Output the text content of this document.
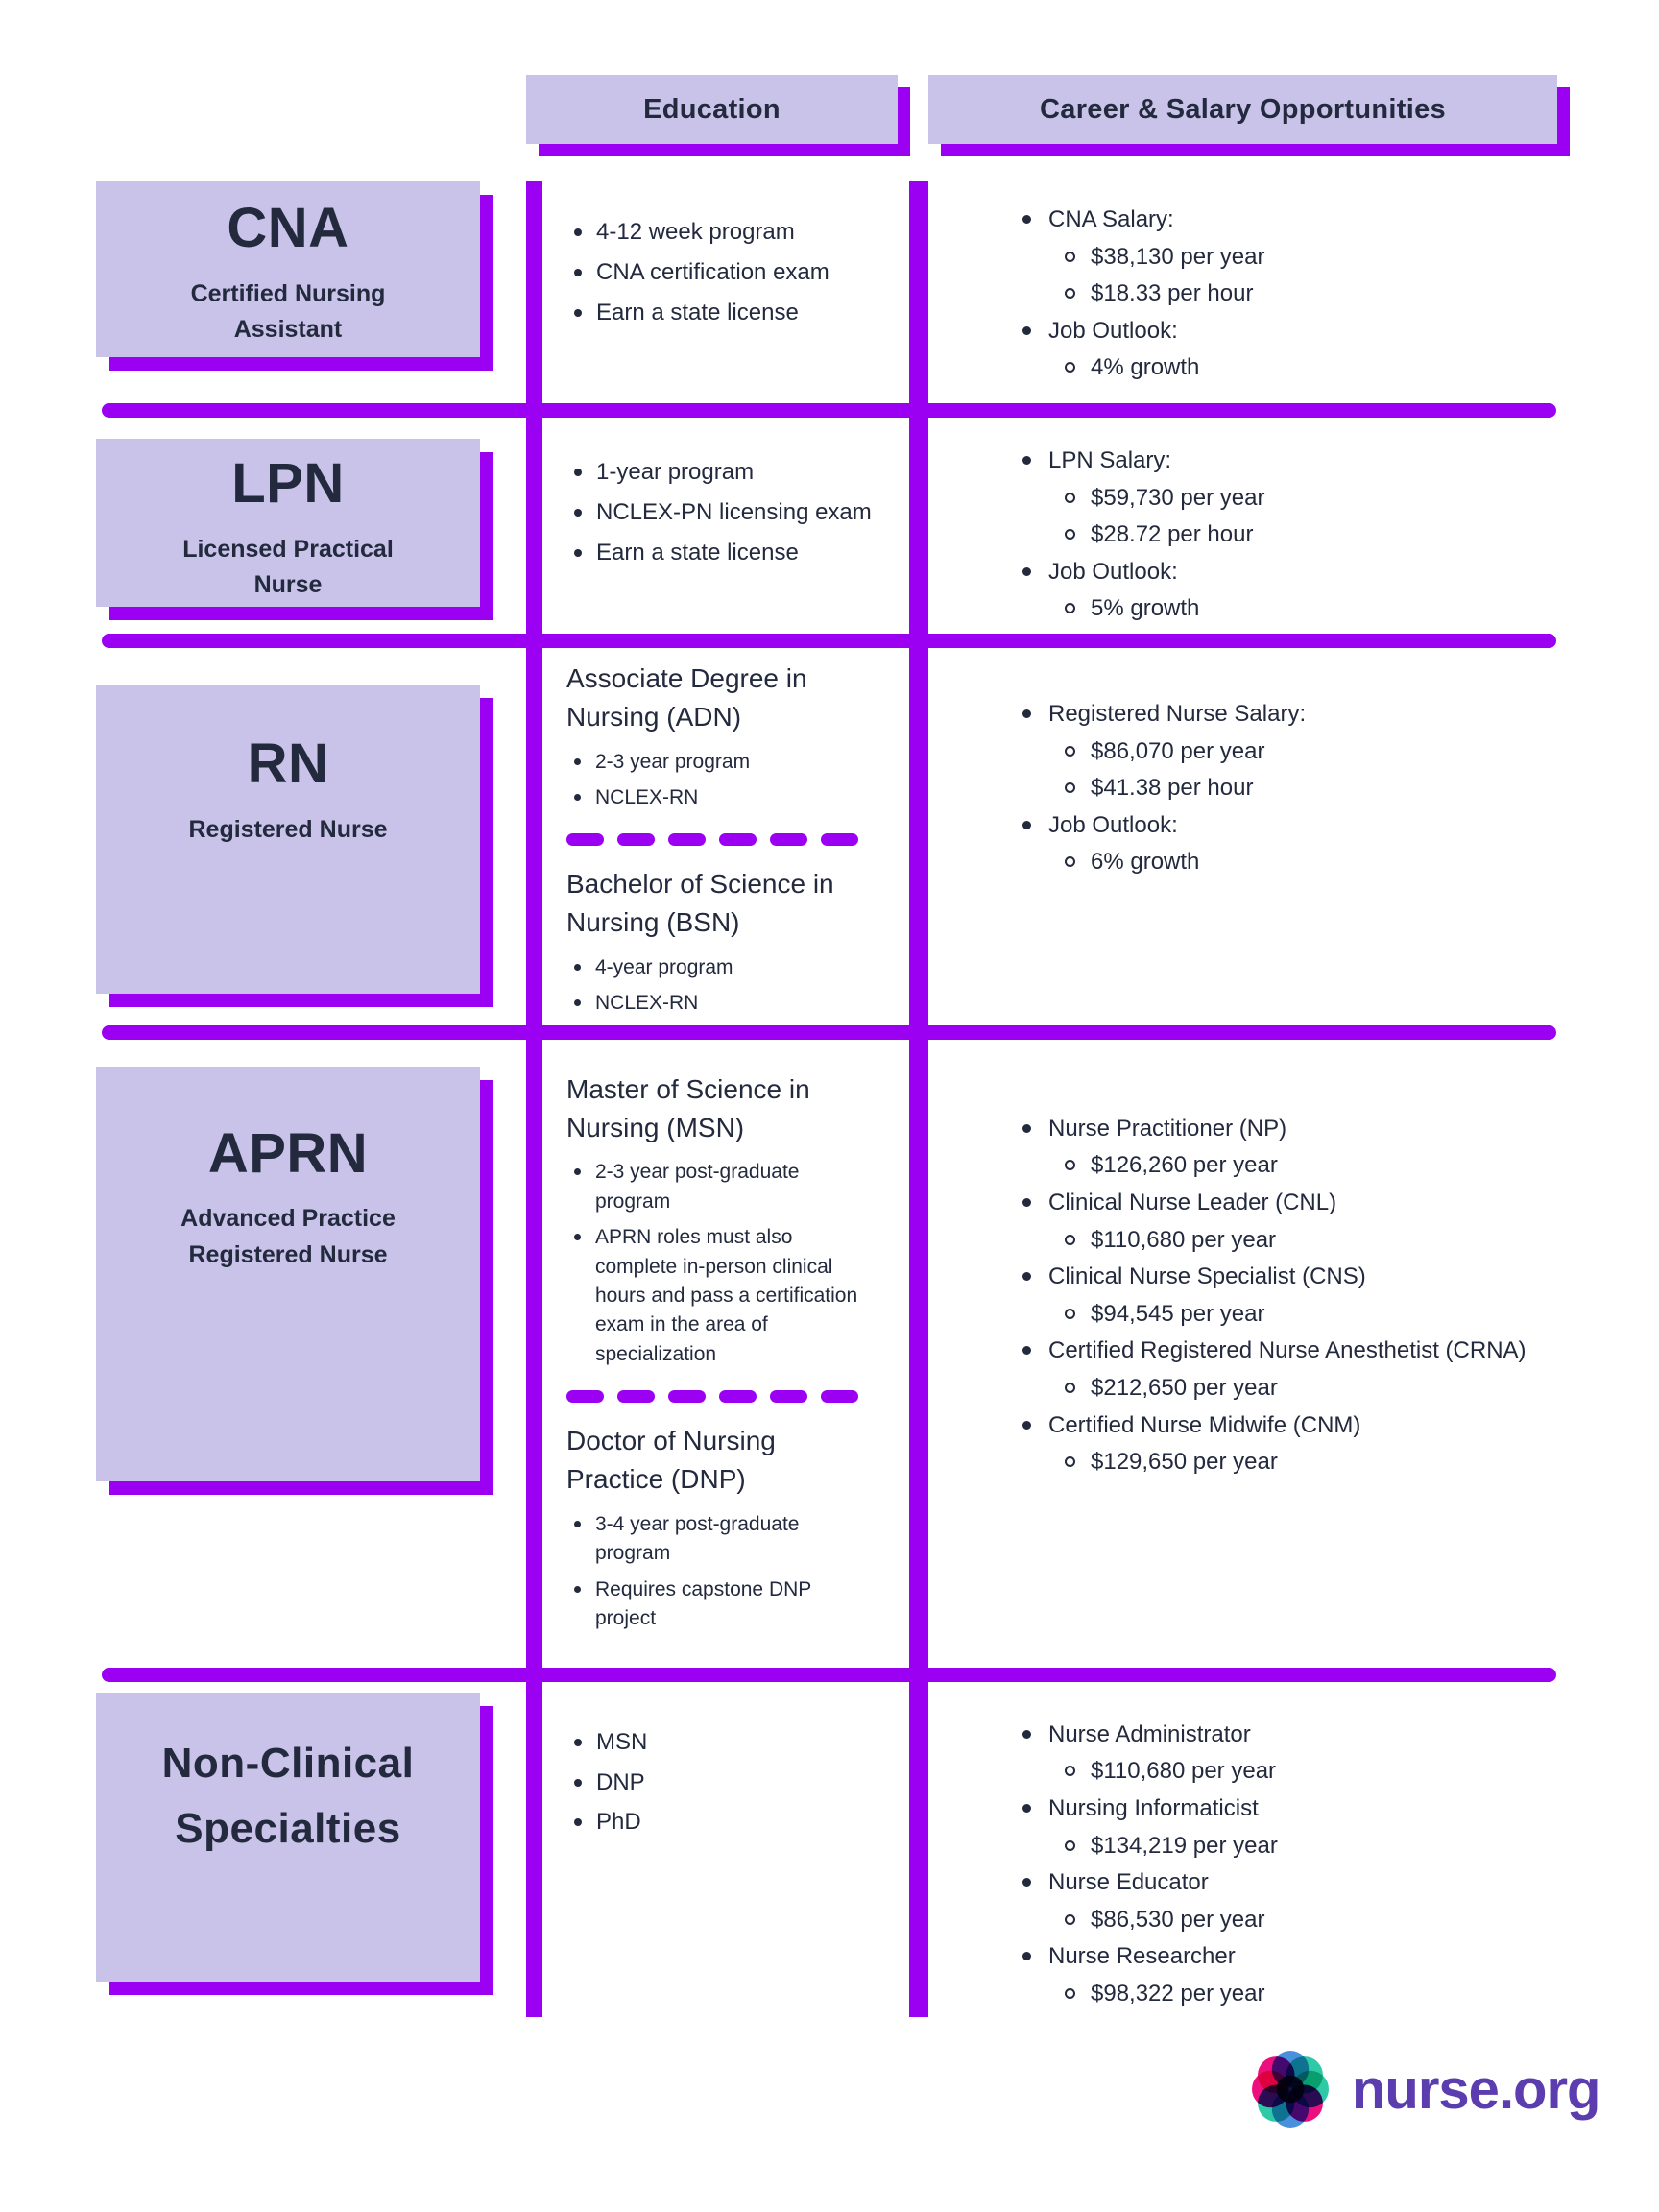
Education	Career & Salary Opportunities
CNA
Certified Nursing Assistant
4-12 week program
CNA certification exam
Earn a state license
CNA Salary:
$38,130 per year
$18.33 per hour
Job Outlook:
4% growth
LPN
Licensed Practical Nurse
1-year program
NCLEX-PN licensing exam
Earn a state license
LPN Salary:
$59,730 per year
$28.72 per hour
Job Outlook:
5% growth
RN
Registered Nurse
Associate Degree in Nursing (ADN)
2-3 year program
NCLEX-RN
Bachelor of Science in Nursing (BSN)
4-year program
NCLEX-RN
Registered Nurse Salary:
$86,070 per year
$41.38 per hour
Job Outlook:
6% growth
APRN
Advanced Practice Registered Nurse
Master of Science in Nursing (MSN)
2-3 year post-graduate program
APRN roles must also complete in-person clinical hours and pass a certification exam in the area of specialization
Doctor of Nursing Practice (DNP)
3-4 year post-graduate program
Requires capstone DNP project
Nurse Practitioner (NP)
$126,260 per year
Clinical Nurse Leader (CNL)
$110,680 per year
Clinical Nurse Specialist (CNS)
$94,545 per year
Certified Registered Nurse Anesthetist (CRNA)
$212,650 per year
Certified Nurse Midwife (CNM)
$129,650 per year
Non-Clinical Specialties
MSN
DNP
PhD
Nurse Administrator
$110,680 per year
Nursing Informaticist
$134,219 per year
Nurse Educator
$86,530 per year
Nurse Researcher
$98,322 per year
nurse.org
